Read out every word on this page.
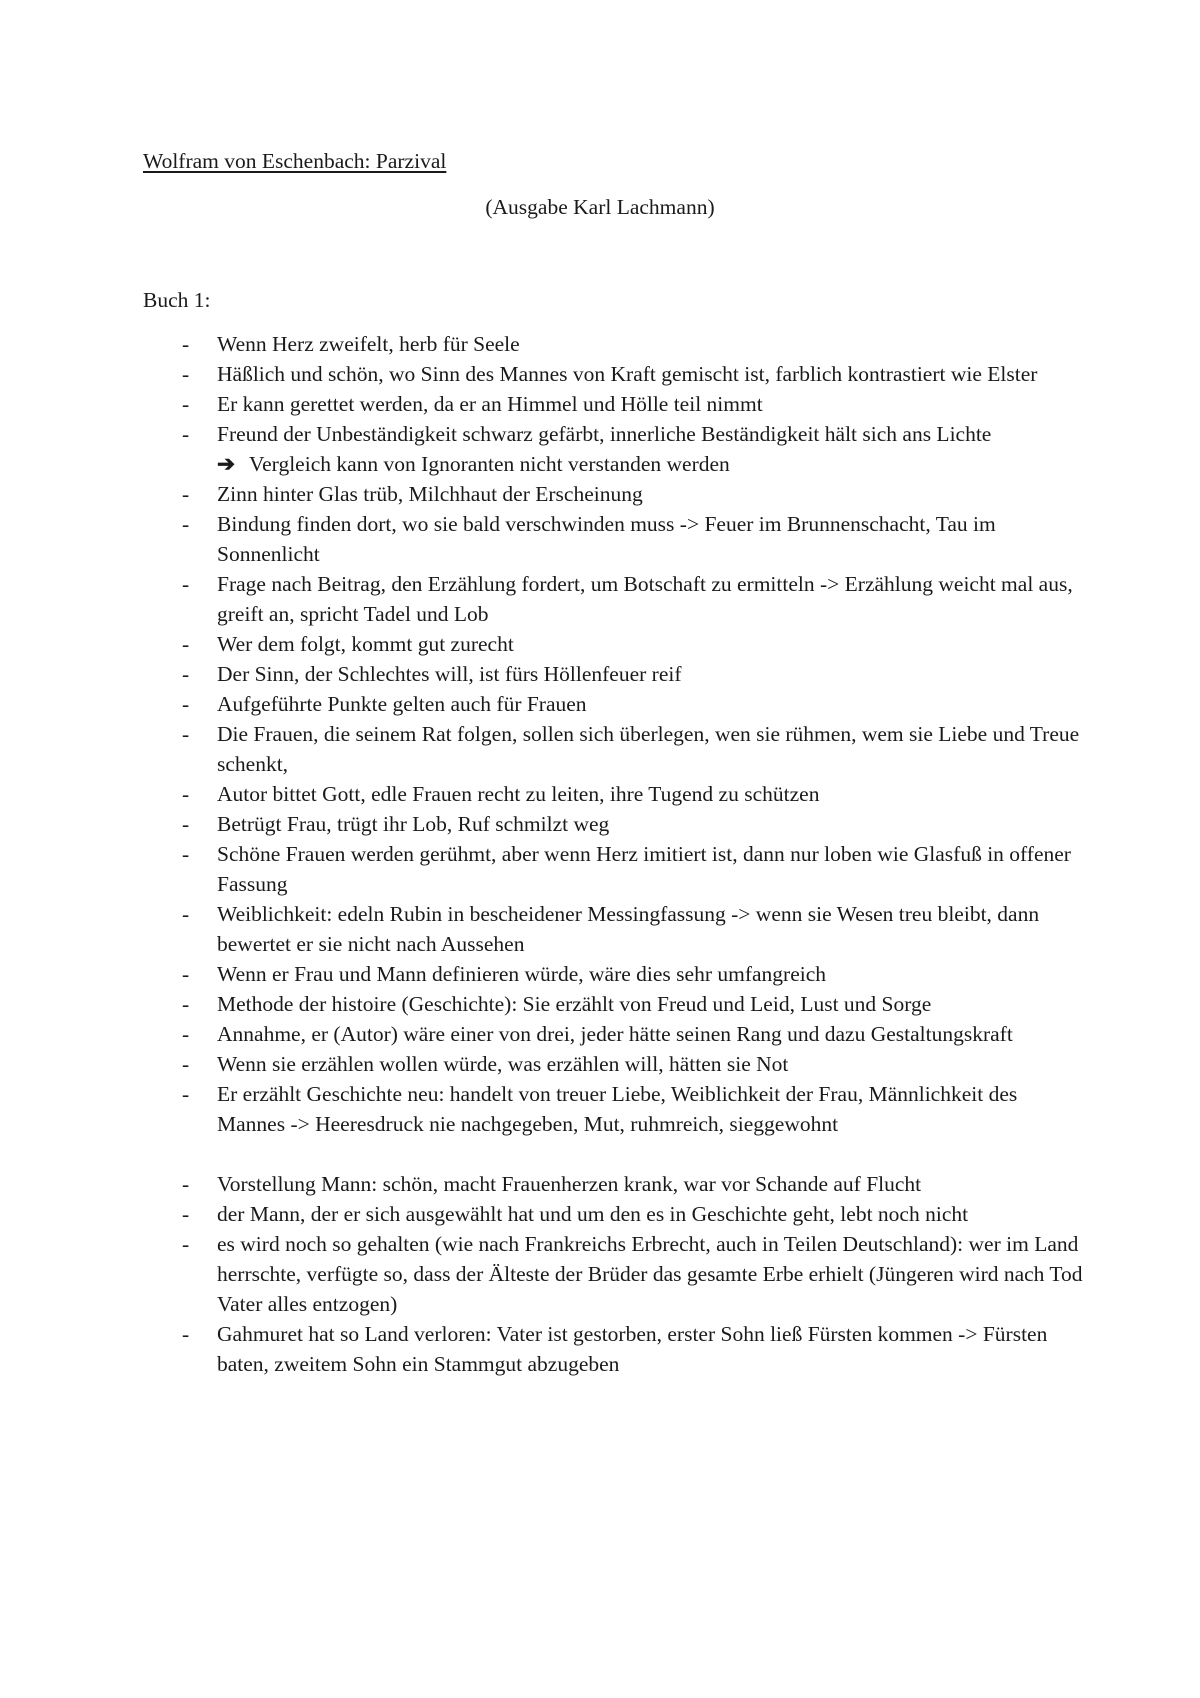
Wolfram von Eschenbach: Parzival
(Ausgabe Karl Lachmann)
Buch 1:
- Wenn Herz zweifelt, herb für Seele
- Häßlich und schön, wo Sinn des Mannes von Kraft gemischt ist, farblich kontrastiert wie Elster
- Er kann gerettet werden, da er an Himmel und Hölle teil nimmt
- Freund der Unbeständigkeit schwarz gefärbt, innerliche Beständigkeit hält sich ans Lichte
➔ Vergleich kann von Ignoranten nicht verstanden werden
- Zinn hinter Glas trüb, Milchhaut der Erscheinung
- Bindung finden dort, wo sie bald verschwinden muss -> Feuer im Brunnenschacht, Tau im Sonnenlicht
- Frage nach Beitrag, den Erzählung fordert, um Botschaft zu ermitteln -> Erzählung weicht mal aus, greift an, spricht Tadel und Lob
- Wer dem folgt, kommt gut zurecht
- Der Sinn, der Schlechtes will, ist fürs Höllenfeuer reif
- Aufgeführte Punkte gelten auch für Frauen
- Die Frauen, die seinem Rat folgen, sollen sich überlegen, wen sie rühmen, wem sie Liebe und Treue schenkt,
- Autor bittet Gott, edle Frauen recht zu leiten, ihre Tugend zu schützen
- Betrügt Frau, trügt ihr Lob, Ruf schmilzt weg
- Schöne Frauen werden gerühmt, aber wenn Herz imitiert ist, dann nur loben wie Glasfuß in offener Fassung
- Weiblichkeit: edeln Rubin in bescheidener Messingfassung -> wenn sie Wesen treu bleibt, dann bewertet er sie nicht nach Aussehen
- Wenn er Frau und Mann definieren würde, wäre dies sehr umfangreich
- Methode der histoire (Geschichte): Sie erzählt von Freud und Leid, Lust und Sorge
- Annahme, er (Autor) wäre einer von drei, jeder hätte seinen Rang und dazu Gestaltungskraft
- Wenn sie erzählen wollen würde, was erzählen will, hätten sie Not
- Er erzählt Geschichte neu: handelt von treuer Liebe, Weiblichkeit der Frau, Männlichkeit des Mannes -> Heeresdruck nie nachgegeben, Mut, ruhmreich, sieggewohnt
- Vorstellung Mann: schön, macht Frauenherzen krank, war vor Schande auf Flucht
- der Mann, der er sich ausgewählt hat und um den es in Geschichte geht, lebt noch nicht
- es wird noch so gehalten (wie nach Frankreichs Erbrecht, auch in Teilen Deutschland): wer im Land herrschte, verfügte so, dass der Älteste der Brüder das gesamte Erbe erhielt (Jüngeren wird nach Tod Vater alles entzogen)
- Gahmuret hat so Land verloren: Vater ist gestorben, erster Sohn ließ Fürsten kommen -> Fürsten baten, zweitem Sohn ein Stammgut abzugeben
